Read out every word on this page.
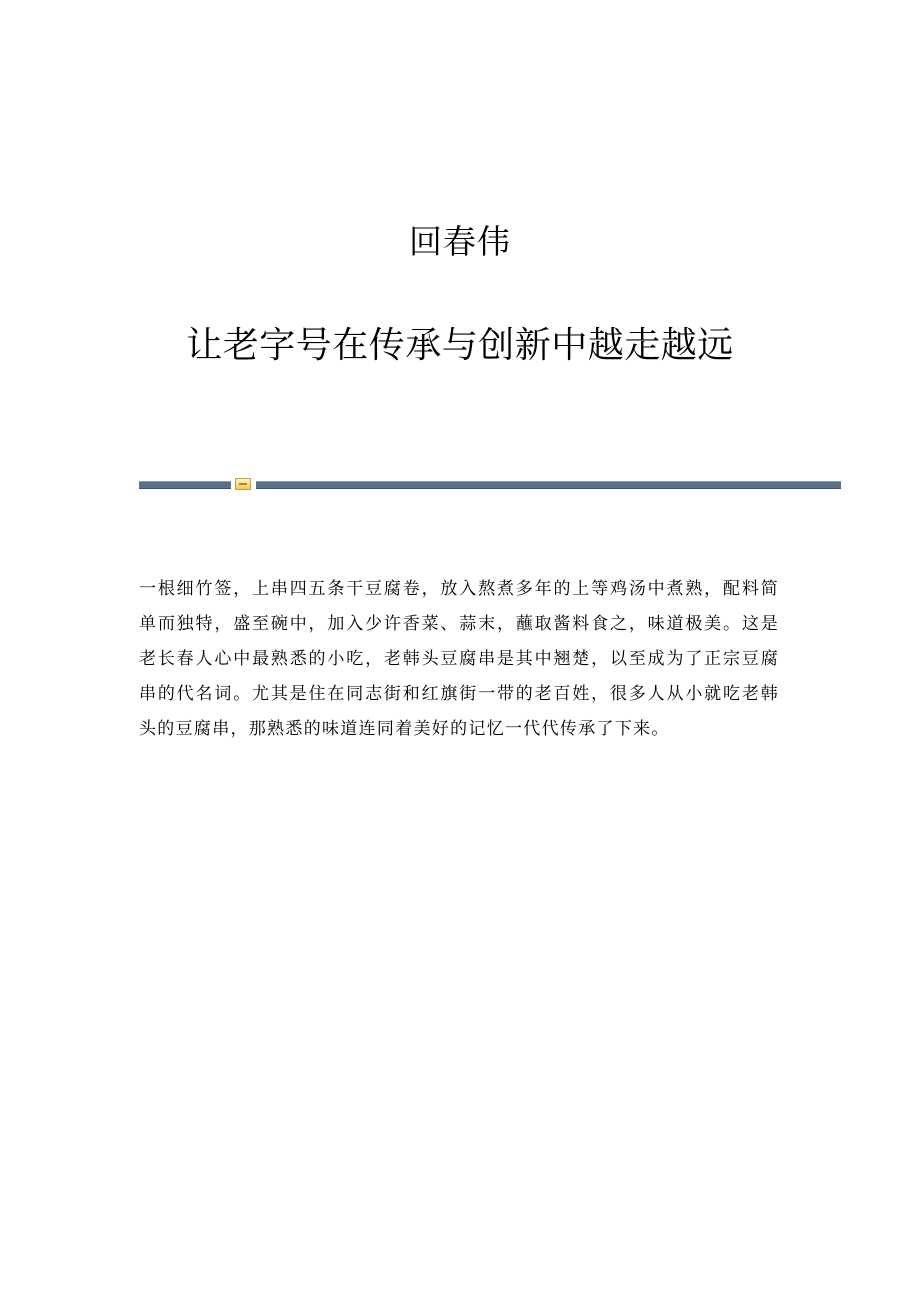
回春伟
让老字号在传承与创新中越走越远

一根细竹签，上串四五条干豆腐卷，放入熬煮多年的上等鸡汤中煮熟，配料简单而独特，盛至碗中，加入少许香菜、蒜末，蘸取酱料食之，味道极美。这是老长春人心中最熟悉的小吃，老韩头豆腐串是其中翘楚，以至成为了正宗豆腐串的代名词。尤其是住在同志街和红旗街一带的老百姓，很多人从小就吃老韩头的豆腐串，那熟悉的味道连同着美好的记忆一代代传承了下来。
